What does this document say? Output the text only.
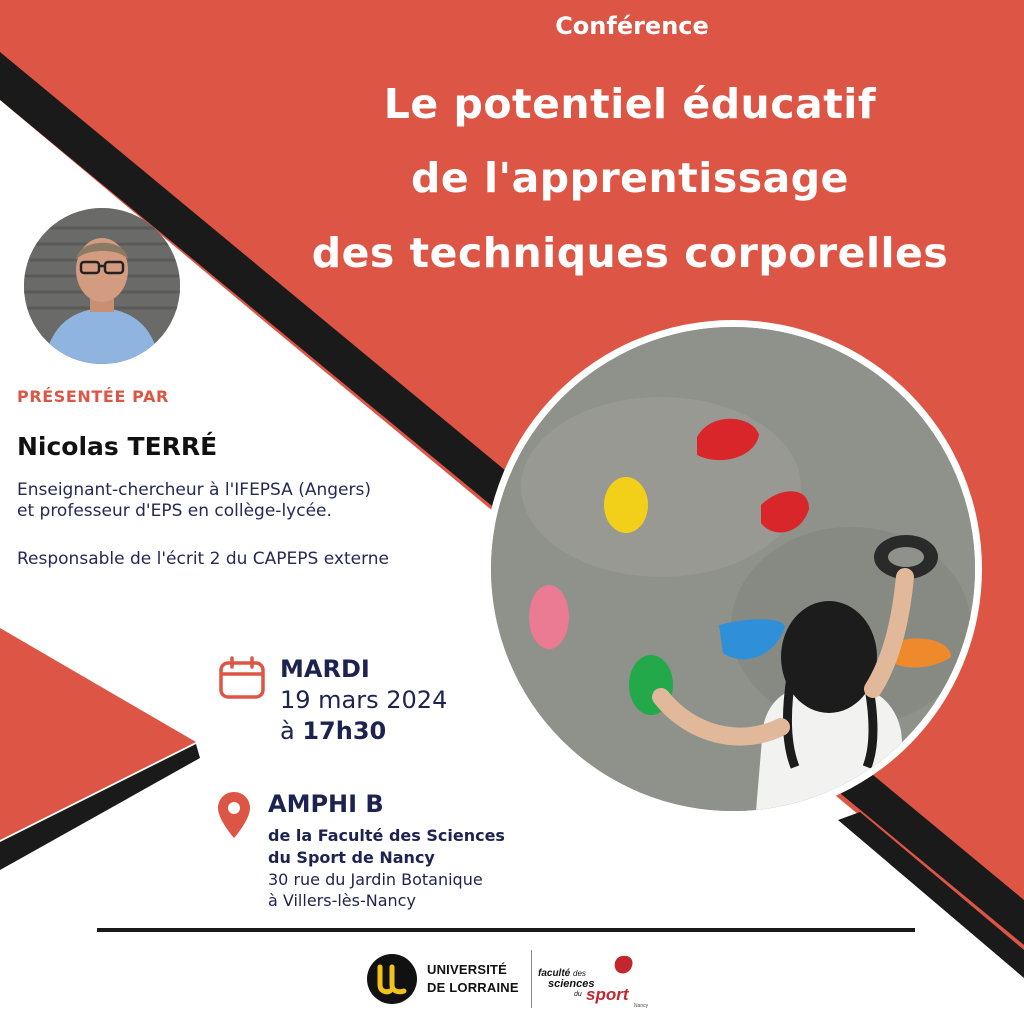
Conférence
Le potentiel éducatif
de l'apprentissage
des techniques corporelles
PRÉSENTÉE PAR
Nicolas TERRÉ
Enseignant-chercheur à l'IFEPSA (Angers)
et professeur d'EPS en collège-lycée.
Responsable de l'écrit 2 du CAPEPS externe
MARDI
19 mars 2024
à 17h30
AMPHI B
de la Faculté des Sciences
du Sport de Nancy
30 rue du Jardin Botanique
à Villers-lès-Nancy
UNIVERSITÉ
DE LORRAINE
faculté des
sciences
du sport
Nancy
